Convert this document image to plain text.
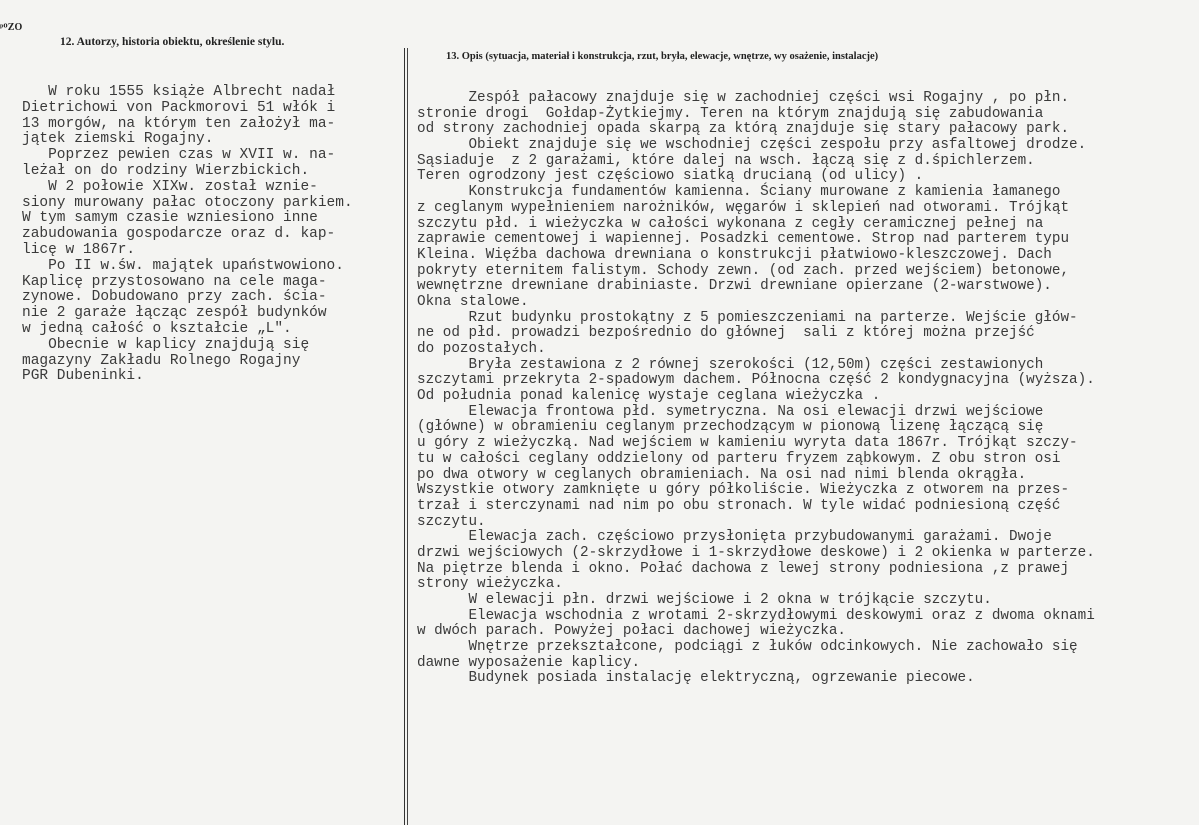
ᵖᴼZO
12. Autorzy, historia obiektu, określenie stylu.
13. Opis (sytuacja, materiał i konstrukcja, rzut, bryła, elewacje, wnętrze, wy osażenie, instalacje)
W roku 1555 książe Albrecht nadał
Dietrichowi von Packmorovi 51 włók i
13 morgów, na którym ten założył ma-
jątek ziemski Rogajny.
Poprzez pewien czas w XVII w. na-
leżał on do rodziny Wierzbickich.
W 2 połowie XIXw. został wznie-
siony murowany pałac otoczony parkiem.
W tym samym czasie wzniesiono inne
zabudowania gospodarcze oraz d. kap-
licę w 1867r.
Po II w.św. majątek upaństwowiono.
Kaplicę przystosowano na cele maga-
zynowe. Dobudowano przy zach. ścia-
nie 2 garaże łącząc zespół budynków
w jedną całość o kształcie „L".
Obecnie w kaplicy znajdują się
magazyny Zakładu Rolnego Rogajny
PGR Dubeninki.
Zespół pałacowy znajduje się w zachodniej części wsi Rogajny , po płn.
stronie drogi  Gołdap-Żytkiejmy. Teren na którym znajdują się zabudowania
od strony zachodniej opada skarpą za którą znajduje się stary pałacowy park.
Obiekt znajduje się we wschodniej części zespołu przy asfaltowej drodze.
Sąsiaduje  z 2 garażami, które dalej na wsch. łączą się z d.śpichlerzem.
Teren ogrodzony jest częściowo siatką drucianą (od ulicy) .
Konstrukcja fundamentów kamienna. Ściany murowane z kamienia łamanego
z ceglanym wypełnieniem narożników, węgarów i sklepień nad otworami. Trójkąt
szczytu płd. i wieżyczka w całości wykonana z cegły ceramicznej pełnej na
zaprawie cementowej i wapiennej. Posadzki cementowe. Strop nad parterem typu
Kleina. Więźba dachowa drewniana o konstrukcji płatwiowo-kleszczowej. Dach
pokryty eternitem falistym. Schody zewn. (od zach. przed wejściem) betonowe,
wewnętrzne drewniane drabiniaste. Drzwi drewniane opierzane (2-warstwowe).
Okna stalowe.
Rzut budynku prostokątny z 5 pomieszczeniami na parterze. Wejście głów-
ne od płd. prowadzi bezpośrednio do głównej  sali z której można przejść
do pozostałych.
Bryła zestawiona z 2 równej szerokości (12,50m) części zestawionych
szczytami przekryta 2-spadowym dachem. Północna część 2 kondygnacyjna (wyższa).
Od południa ponad kalenicę wystaje ceglana wieżyczka .
Elewacja frontowa płd. symetryczna. Na osi elewacji drzwi wejściowe
(główne) w obramieniu ceglanym przechodzącym w pionową lizenę łączącą się
u góry z wieżyczką. Nad wejściem w kamieniu wyryta data 1867r. Trójkąt szczy-
tu w całości ceglany oddzielony od parteru fryzem ząbkowym. Z obu stron osi
po dwa otwory w ceglanych obramieniach. Na osi nad nimi blenda okrągła.
Wszystkie otwory zamknięte u góry półkoliście. Wieżyczka z otworem na przes-
trzał i sterczynami nad nim po obu stronach. W tyle widać podniesioną część
szczytu.
Elewacja zach. częściowo przysłonięta przybudowanymi garażami. Dwoje
drzwi wejściowych (2-skrzydłowe i 1-skrzydłowe deskowe) i 2 okienka w parterze.
Na piętrze blenda i okno. Połać dachowa z lewej strony podniesiona ,z prawej
strony wieżyczka.
W elewacji płn. drzwi wejściowe i 2 okna w trójkącie szczytu.
Elewacja wschodnia z wrotami 2-skrzydłowymi deskowymi oraz z dwoma oknami
w dwóch parach. Powyżej połaci dachowej wieżyczka.
Wnętrze przekształcone, podciągi z łuków odcinkowych. Nie zachowało się
dawne wyposażenie kaplicy.
Budynek posiada instalację elektryczną, ogrzewanie piecowe.
